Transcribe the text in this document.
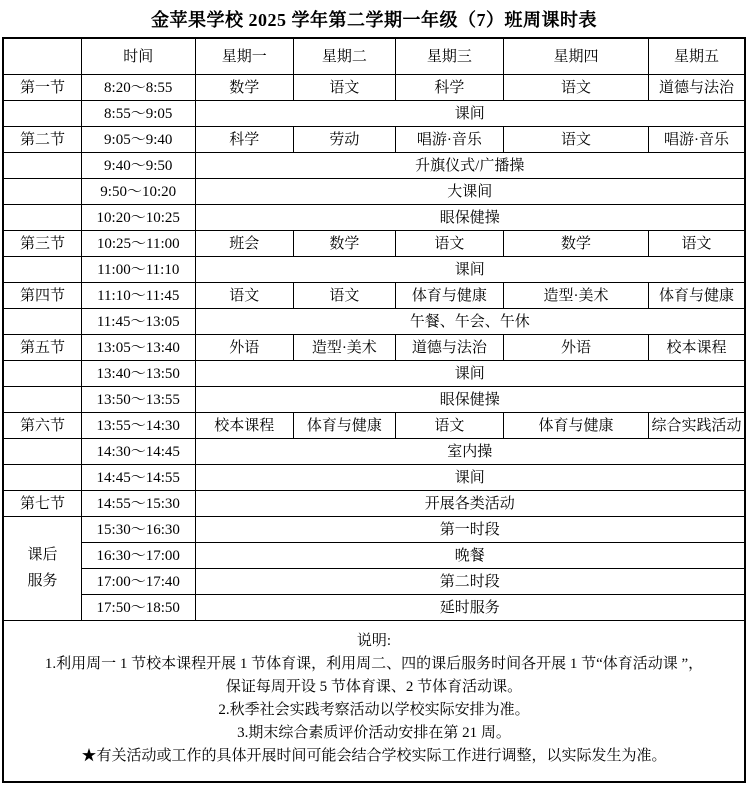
金苹果学校 2025 学年第二学期一年级（7）班周课时表
	时间	星期一	星期二	星期三	星期四	星期五
第一节	8:20～8:55	数学	语文	科学	语文	道德与法治
	8:55～9:05	课间				
第二节	9:05～9:40	科学	劳动	唱游·音乐	语文	唱游·音乐
	9:40～9:50	升旗仪式/广播操				
	9:50～10:20	大课间				
	10:20～10:25	眼保健操				
第三节	10:25～11:00	班会	数学	语文	数学	语文
	11:00～11:10	课间				
第四节	11:10～11:45	语文	语文	体育与健康	造型·美术	体育与健康
	11:45～13:05	午餐、午会、午休				
第五节	13:05～13:40	外语	造型·美术	道德与法治	外语	校本课程
	13:40～13:50	课间				
	13:50～13:55	眼保健操				
第六节	13:55～14:30	校本课程	体育与健康	语文	体育与健康	综合实践活动
	14:30～14:45	室内操				
	14:45～14:55	课间				
第七节	14:55～15:30	开展各类活动				
课后服务	15:30～16:30	第一时段				
	16:30～17:00	晚餐				
	17:00～17:40	第二时段				
	17:50～18:50	延时服务				

说明:
1.利用周一 1 节校本课程开展 1 节体育课，利用周二、四的课后服务时间各开展 1 节“体育活动课 ”，
保证每周开设 5 节体育课、2 节体育活动课。
2.秋季社会实践考察活动以学校实际安排为准。
3.期末综合素质评价活动安排在第 21 周。
★有关活动或工作的具体开展时间可能会结合学校实际工作进行调整，以实际发生为准。
